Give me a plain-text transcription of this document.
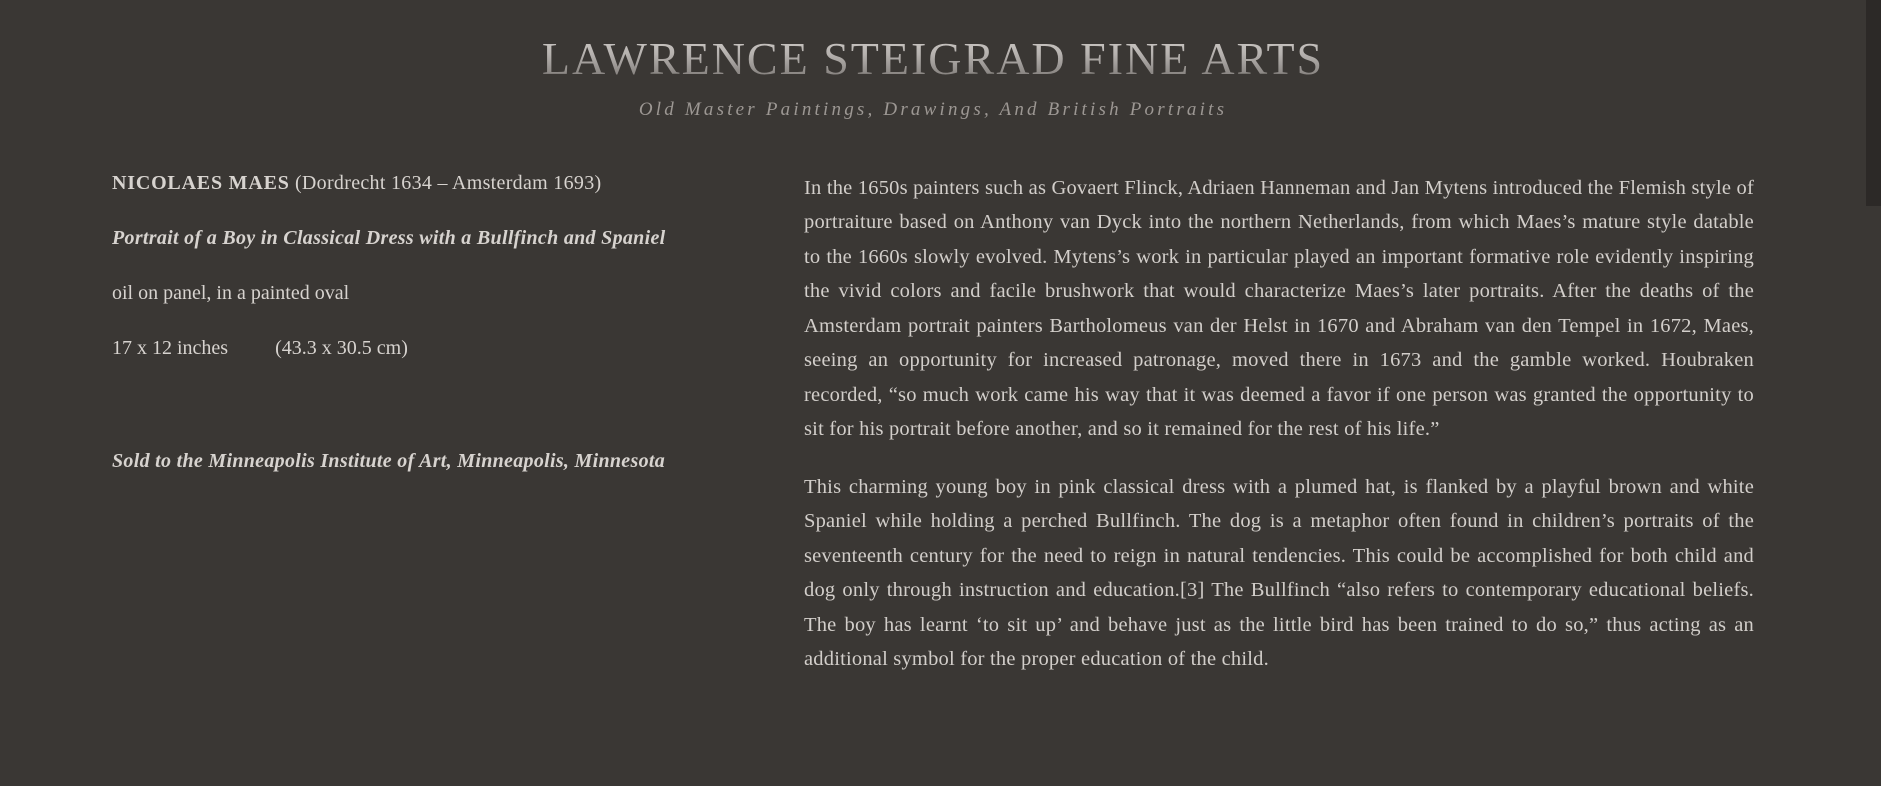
LAWRENCE STEIGRAD FINE ARTS
Old Master Paintings, Drawings, And British Portraits

NICOLAES MAES (Dordrecht 1634 – Amsterdam 1693)

Portrait of a Boy in Classical Dress with a Bullfinch and Spaniel

oil on panel, in a painted oval

17 x 12 inches (43.3 x 30.5 cm)

Sold to the Minneapolis Institute of Art, Minneapolis, Minnesota

In the 1650s painters such as Govaert Flinck, Adriaen Hanneman and Jan Mytens introduced the Flemish style of portraiture based on Anthony van Dyck into the northern Netherlands, from which Maes’s mature style datable to the 1660s slowly evolved. Mytens’s work in particular played an important formative role evidently inspiring the vivid colors and facile brushwork that would characterize Maes’s later portraits. After the deaths of the Amsterdam portrait painters Bartholomeus van der Helst in 1670 and Abraham van den Tempel in 1672, Maes, seeing an opportunity for increased patronage, moved there in 1673 and the gamble worked. Houbraken recorded, “so much work came his way that it was deemed a favor if one person was granted the opportunity to sit for his portrait before another, and so it remained for the rest of his life.”

This charming young boy in pink classical dress with a plumed hat, is flanked by a playful brown and white Spaniel while holding a perched Bullfinch. The dog is a metaphor often found in children’s portraits of the seventeenth century for the need to reign in natural tendencies. This could be accomplished for both child and dog only through instruction and education.[3] The Bullfinch “also refers to contemporary educational beliefs. The boy has learnt ‘to sit up’ and behave just as the little bird has been trained to do so,” thus acting as an additional symbol for the proper education of the child.
